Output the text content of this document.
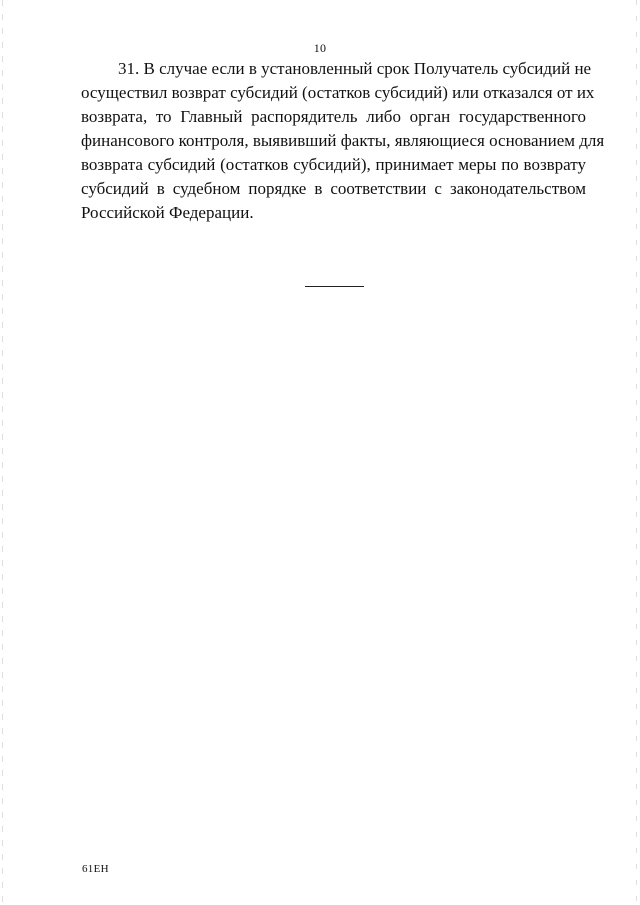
10
31. В случае если в установленный срок Получатель субсидий не
осуществил возврат субсидий (остатков субсидий) или отказался от их
возврата, то Главный распорядитель либо орган государственного
финансового контроля, выявивший факты, являющиеся основанием для
возврата субсидий (остатков субсидий), принимает меры по возврату
субсидий в судебном порядке в соответствии с законодательством
Российской Федерации.
61EH
